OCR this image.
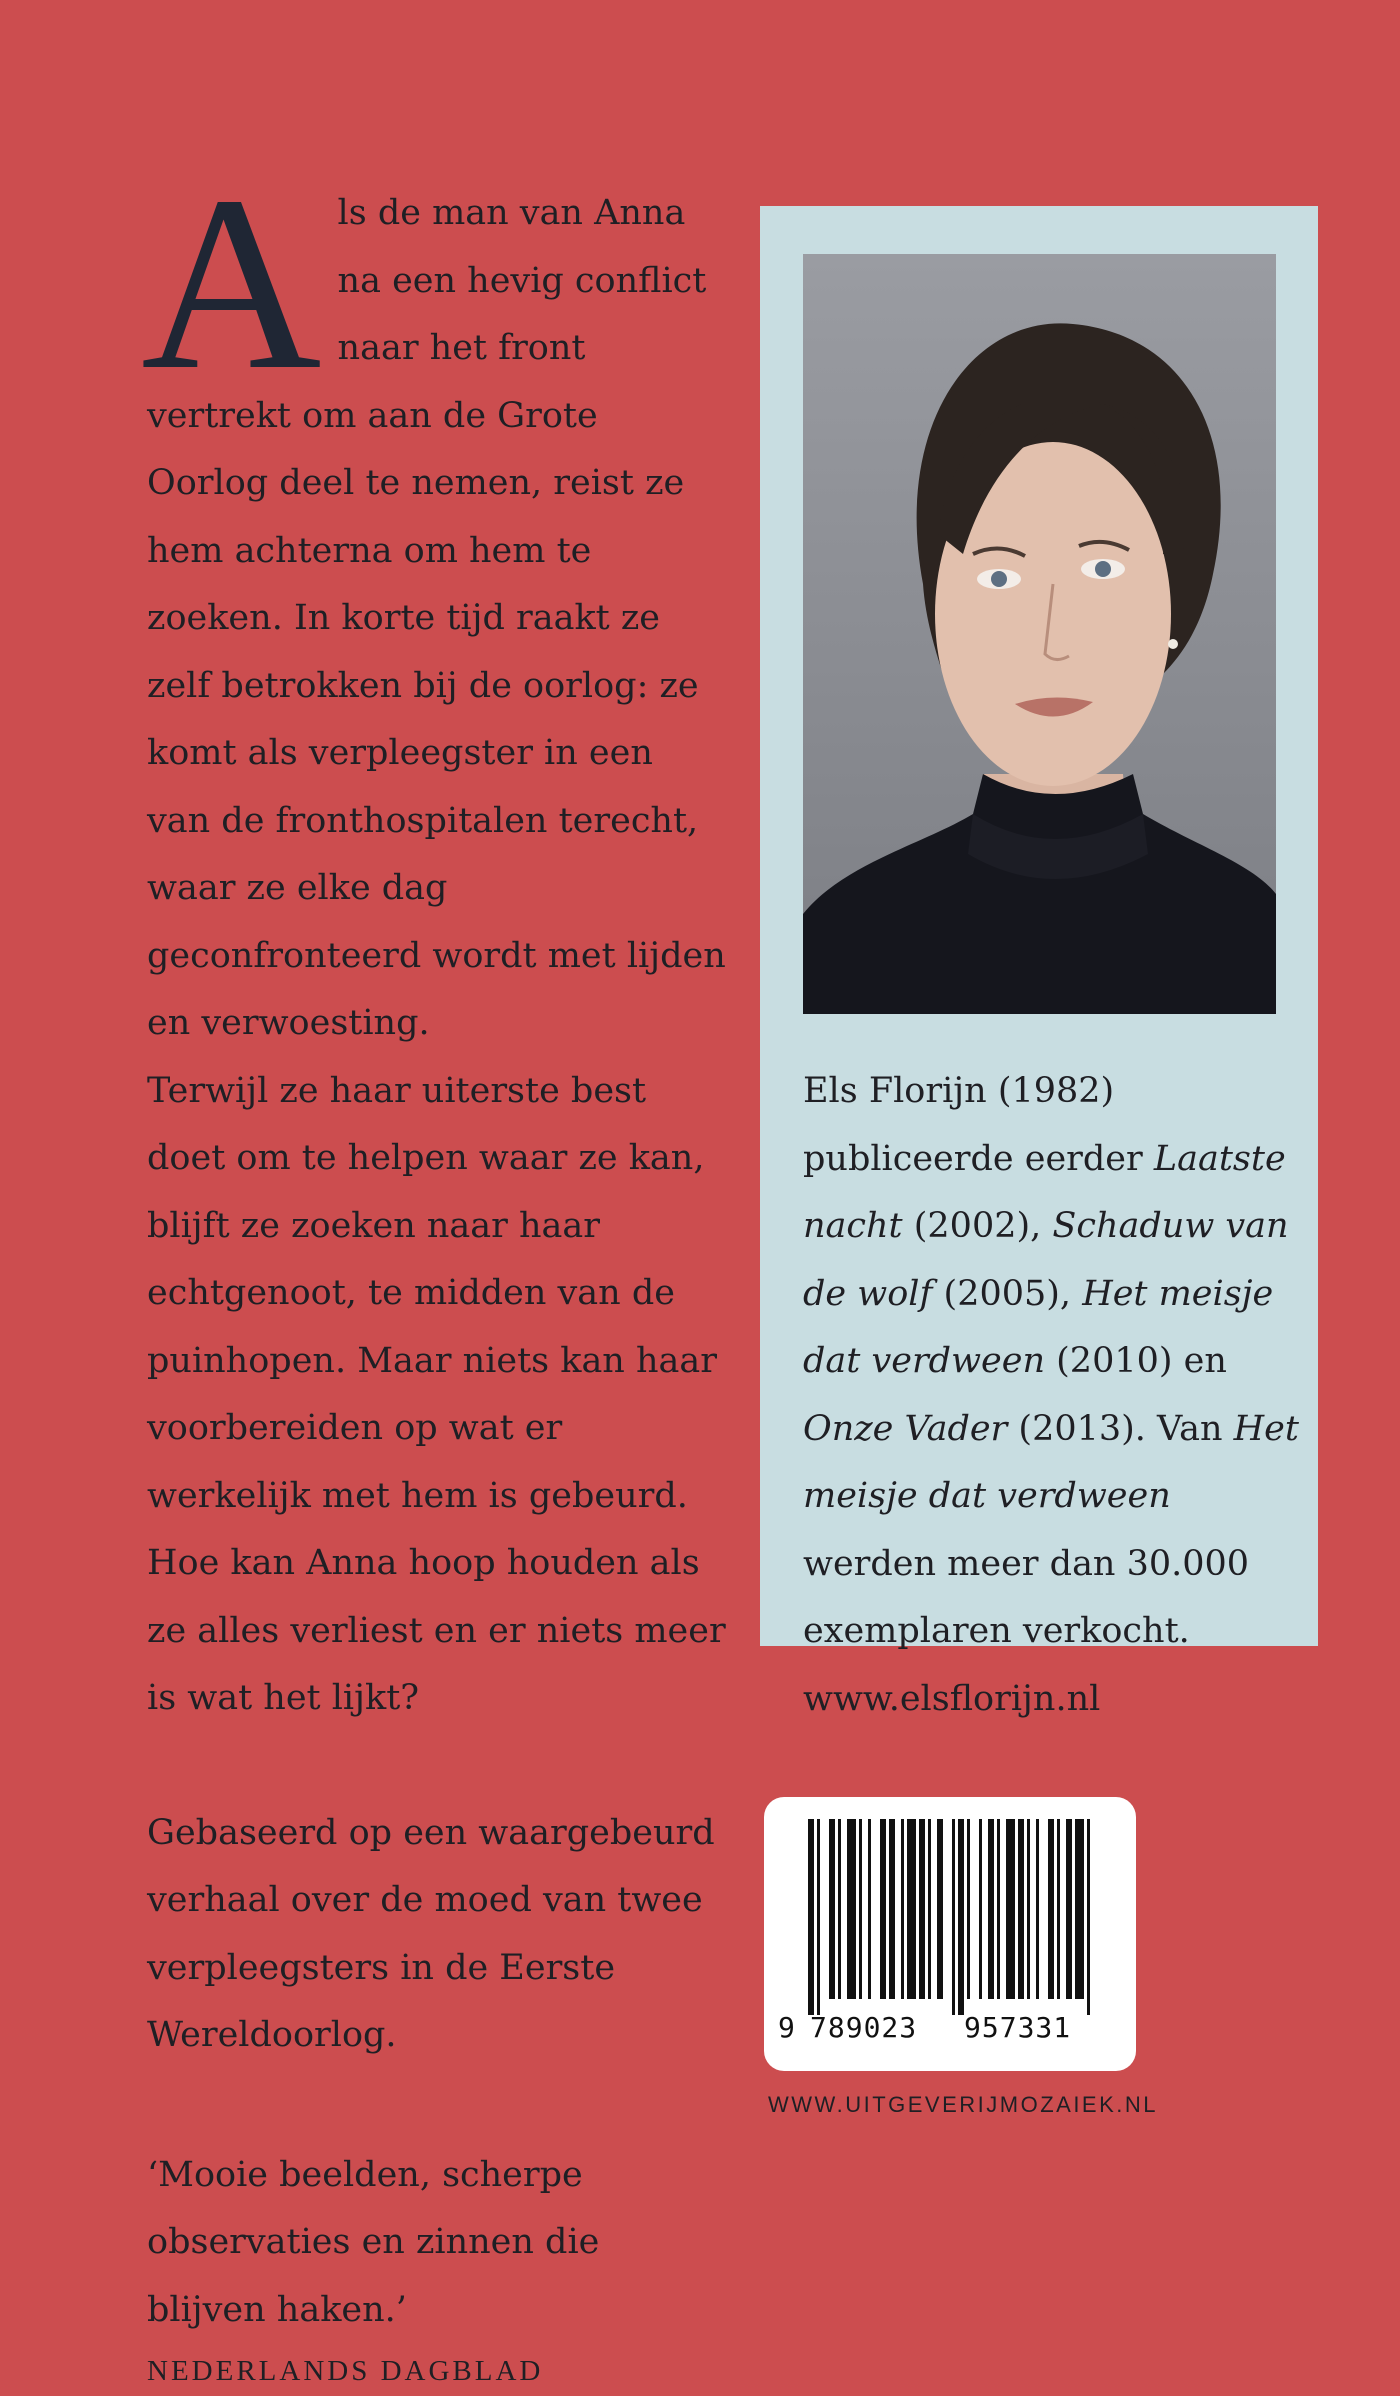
A ls de man van Anna na een hevig conflict naar het front vertrekt om aan de Grote Oorlog deel te nemen, reist ze hem achterna om hem te zoeken. In korte tijd raakt ze zelf betrokken bij de oorlog: ze komt als verpleegster in een van de fronthospitalen terecht, waar ze elke dag geconfronteerd wordt met lijden en verwoesting.

Terwijl ze haar uiterste best doet om te helpen waar ze kan, blijft ze zoeken naar haar echtgenoot, te midden van de puinhopen. Maar niets kan haar voorbereiden op wat er werkelijk met hem is gebeurd. Hoe kan Anna hoop houden als ze alles verliest en er niets meer is wat het lijkt?

Gebaseerd op een waargebeurd verhaal over de moed van twee verpleegsters in de Eerste Wereldoorlog.

‘Mooie beelden, scherpe observaties en zinnen die blijven haken.’

NEDERLANDS DAGBLAD
Els Florijn (1982) publiceerde eerder Laatste nacht (2002), Schaduw van de wolf (2005), Het meisje dat verdween (2010) en Onze Vader (2013). Van Het meisje dat verdween werden meer dan 30.000 exemplaren verkocht. www.elsflorijn.nl
9 789023 957331
WWW.UITGEVERIJMOZAIEK.NL
